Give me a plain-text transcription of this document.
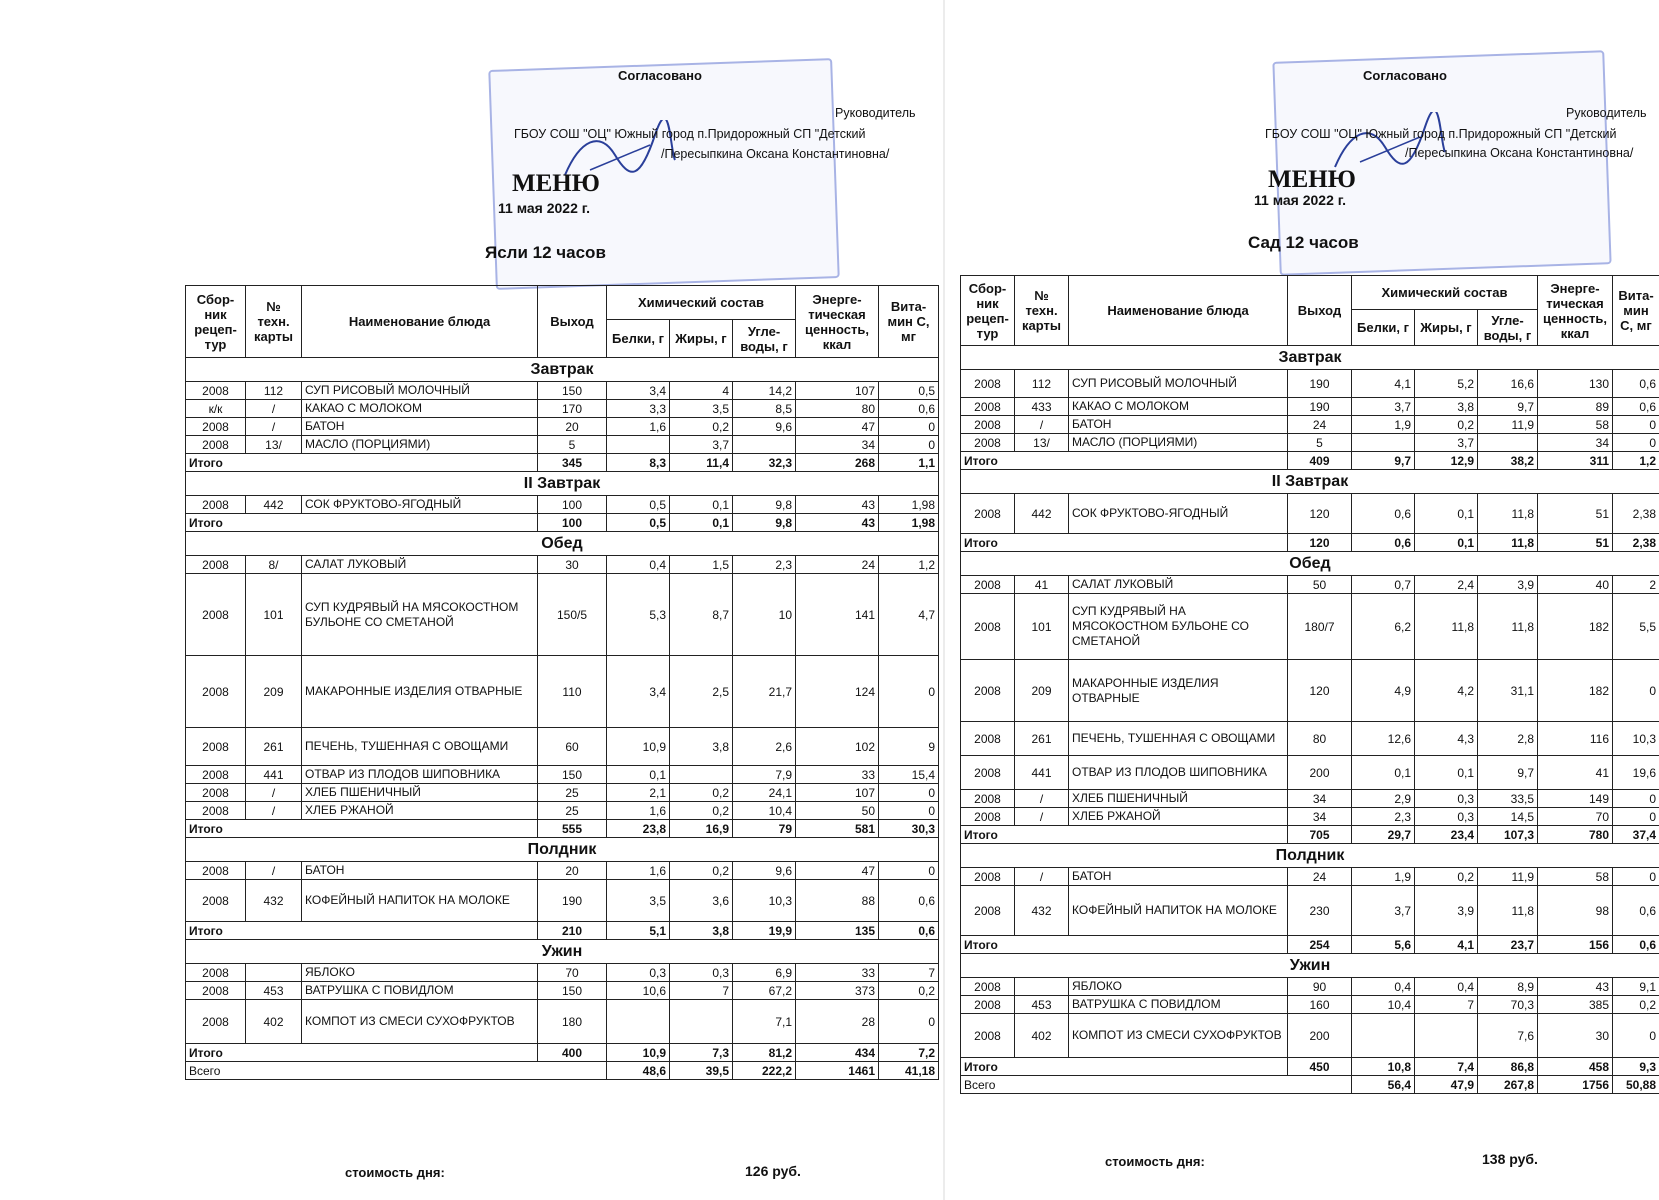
Согласовано
Руководитель
ГБОУ СОШ "ОЦ" Южный город п.Придорожный СП "Детский
/Пересыпкина Оксана Константиновна/
МЕНЮ
11 мая 2022 г.
Ясли 12 часов
Сбор-ник рецеп-тур	№ техн. карты	Наименование блюда	Выход	Химический состав			Энерге-тическая ценность, ккал	Вита-мин С, мг
				Белки, г	Жиры, г	Угле-воды, г		
Завтрак								
2008	112	СУП РИСОВЫЙ МОЛОЧНЫЙ	150	3,4	4	14,2	107	0,5
к/к	/	КАКАО С МОЛОКОМ	170	3,3	3,5	8,5	80	0,6
2008	/	БАТОН	20	1,6	0,2	9,6	47	0
2008	13/	МАСЛО (ПОРЦИЯМИ)	5		3,7		34	0
Итого			345	8,3	11,4	32,3	268	1,1
II Завтрак								
2008	442	СОК ФРУКТОВО-ЯГОДНЫЙ	100	0,5	0,1	9,8	43	1,98
Итого			100	0,5	0,1	9,8	43	1,98
Обед								
2008	8/	САЛАТ ЛУКОВЫЙ	30	0,4	1,5	2,3	24	1,2
2008	101	СУП КУДРЯВЫЙ НА МЯСОКОСТНОМ БУЛЬОНЕ СО СМЕТАНОЙ	150/5	5,3	8,7	10	141	4,7
2008	209	МАКАРОННЫЕ ИЗДЕЛИЯ ОТВАРНЫЕ	110	3,4	2,5	21,7	124	0
2008	261	ПЕЧЕНЬ, ТУШЕННАЯ С ОВОЩАМИ	60	10,9	3,8	2,6	102	9
2008	441	ОТВАР ИЗ ПЛОДОВ ШИПОВНИКА	150	0,1		7,9	33	15,4
2008	/	ХЛЕБ ПШЕНИЧНЫЙ	25	2,1	0,2	24,1	107	0
2008	/	ХЛЕБ РЖАНОЙ	25	1,6	0,2	10,4	50	0
Итого			555	23,8	16,9	79	581	30,3
Полдник								
2008	/	БАТОН	20	1,6	0,2	9,6	47	0
2008	432	КОФЕЙНЫЙ НАПИТОК НА МОЛОКЕ	190	3,5	3,6	10,3	88	0,6
Итого			210	5,1	3,8	19,9	135	0,6
Ужин								
2008		ЯБЛОКО	70	0,3	0,3	6,9	33	7
2008	453	ВАТРУШКА С ПОВИДЛОМ	150	10,6	7	67,2	373	0,2
2008	402	КОМПОТ ИЗ СМЕСИ СУХОФРУКТОВ	180			7,1	28	0
Итого			400	10,9	7,3	81,2	434	7,2
Всего				48,6	39,5	222,2	1461	41,18
стоимость дня:	126 руб.
Согласовано
Руководитель
ГБОУ СОШ "ОЦ" Южный город п.Придорожный СП "Детский
/Пересыпкина Оксана Константиновна/
МЕНЮ
11 мая 2022 г.
Сад 12 часов
Сбор-ник рецеп-тур	№ техн. карты	Наименование блюда	Выход	Химический состав			Энерге-тическая ценность, ккал	Вита-мин С, мг
				Белки, г	Жиры, г	Угле-воды, г		
Завтрак								
2008	112	СУП РИСОВЫЙ МОЛОЧНЫЙ	190	4,1	5,2	16,6	130	0,6
2008	433	КАКАО С МОЛОКОМ	190	3,7	3,8	9,7	89	0,6
2008	/	БАТОН	24	1,9	0,2	11,9	58	0
2008	13/	МАСЛО (ПОРЦИЯМИ)	5		3,7		34	0
Итого			409	9,7	12,9	38,2	311	1,2
II Завтрак								
2008	442	СОК ФРУКТОВО-ЯГОДНЫЙ	120	0,6	0,1	11,8	51	2,38
Итого			120	0,6	0,1	11,8	51	2,38
Обед								
2008	41	САЛАТ ЛУКОВЫЙ	50	0,7	2,4	3,9	40	2
2008	101	СУП КУДРЯВЫЙ НА МЯСОКОСТНОМ БУЛЬОНЕ СО СМЕТАНОЙ	180/7	6,2	11,8	11,8	182	5,5
2008	209	МАКАРОННЫЕ ИЗДЕЛИЯ ОТВАРНЫЕ	120	4,9	4,2	31,1	182	0
2008	261	ПЕЧЕНЬ, ТУШЕННАЯ С ОВОЩАМИ	80	12,6	4,3	2,8	116	10,3
2008	441	ОТВАР ИЗ ПЛОДОВ ШИПОВНИКА	200	0,1	0,1	9,7	41	19,6
2008	/	ХЛЕБ ПШЕНИЧНЫЙ	34	2,9	0,3	33,5	149	0
2008	/	ХЛЕБ РЖАНОЙ	34	2,3	0,3	14,5	70	0
Итого			705	29,7	23,4	107,3	780	37,4
Полдник								
2008	/	БАТОН	24	1,9	0,2	11,9	58	0
2008	432	КОФЕЙНЫЙ НАПИТОК НА МОЛОКЕ	230	3,7	3,9	11,8	98	0,6
Итого			254	5,6	4,1	23,7	156	0,6
Ужин								
2008		ЯБЛОКО	90	0,4	0,4	8,9	43	9,1
2008	453	ВАТРУШКА С ПОВИДЛОМ	160	10,4	7	70,3	385	0,2
2008	402	КОМПОТ ИЗ СМЕСИ СУХОФРУКТОВ	200			7,6	30	0
Итого			450	10,8	7,4	86,8	458	9,3
Всего				56,4	47,9	267,8	1756	50,88
стоимость дня:	138 руб.
